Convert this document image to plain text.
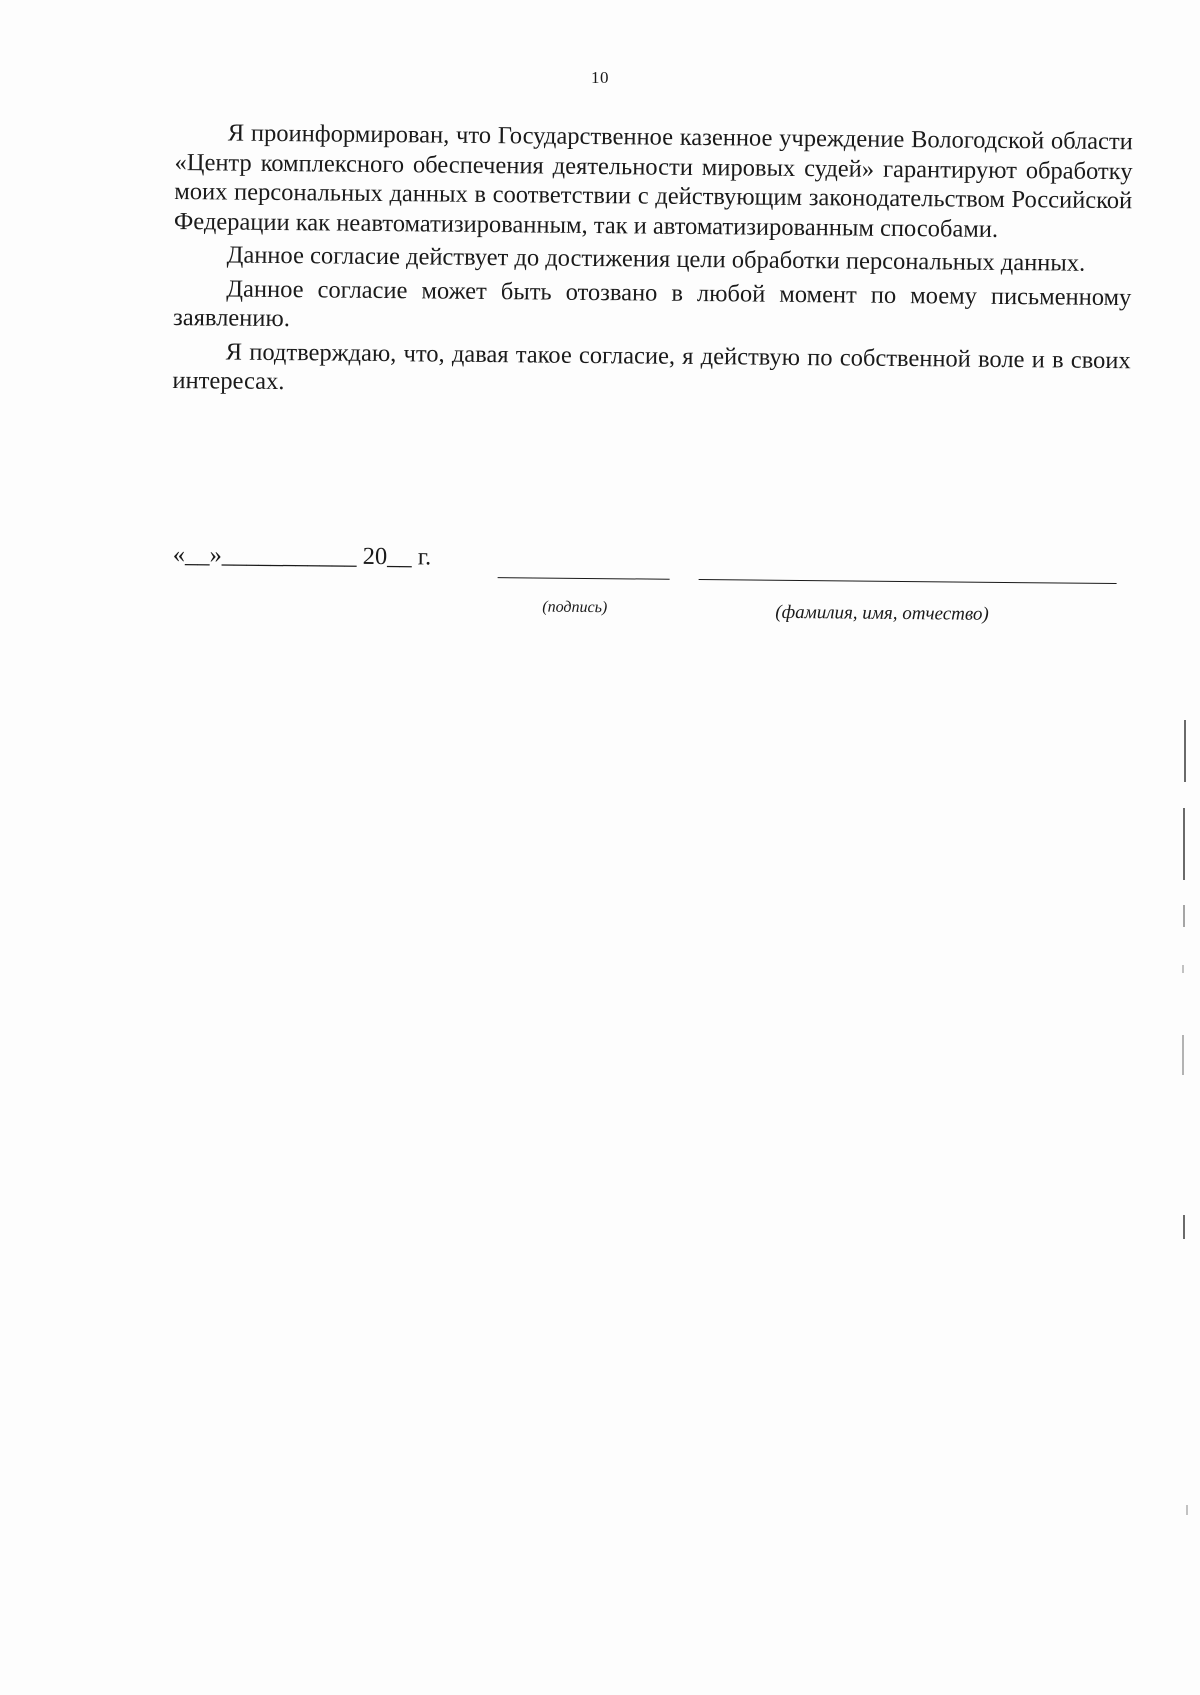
10

Я проинформирован, что Государственное казенное учреждение Вологодской области «Центр комплексного обеспечения деятельности мировых судей» гарантируют обработку моих персональных данных в соответствии с действующим законодательством Российской Федерации как неавтоматизированным, так и автоматизированным способами.

Данное согласие действует до достижения цели обработки персональных данных.

Данное согласие может быть отозвано в любой момент по моему письменному заявлению.

Я подтверждаю, что, давая такое согласие, я действую по собственной воле и в своих интересах.

«__»___________ 20__ г.
(подпись)	(фамилия, имя, отчество)
